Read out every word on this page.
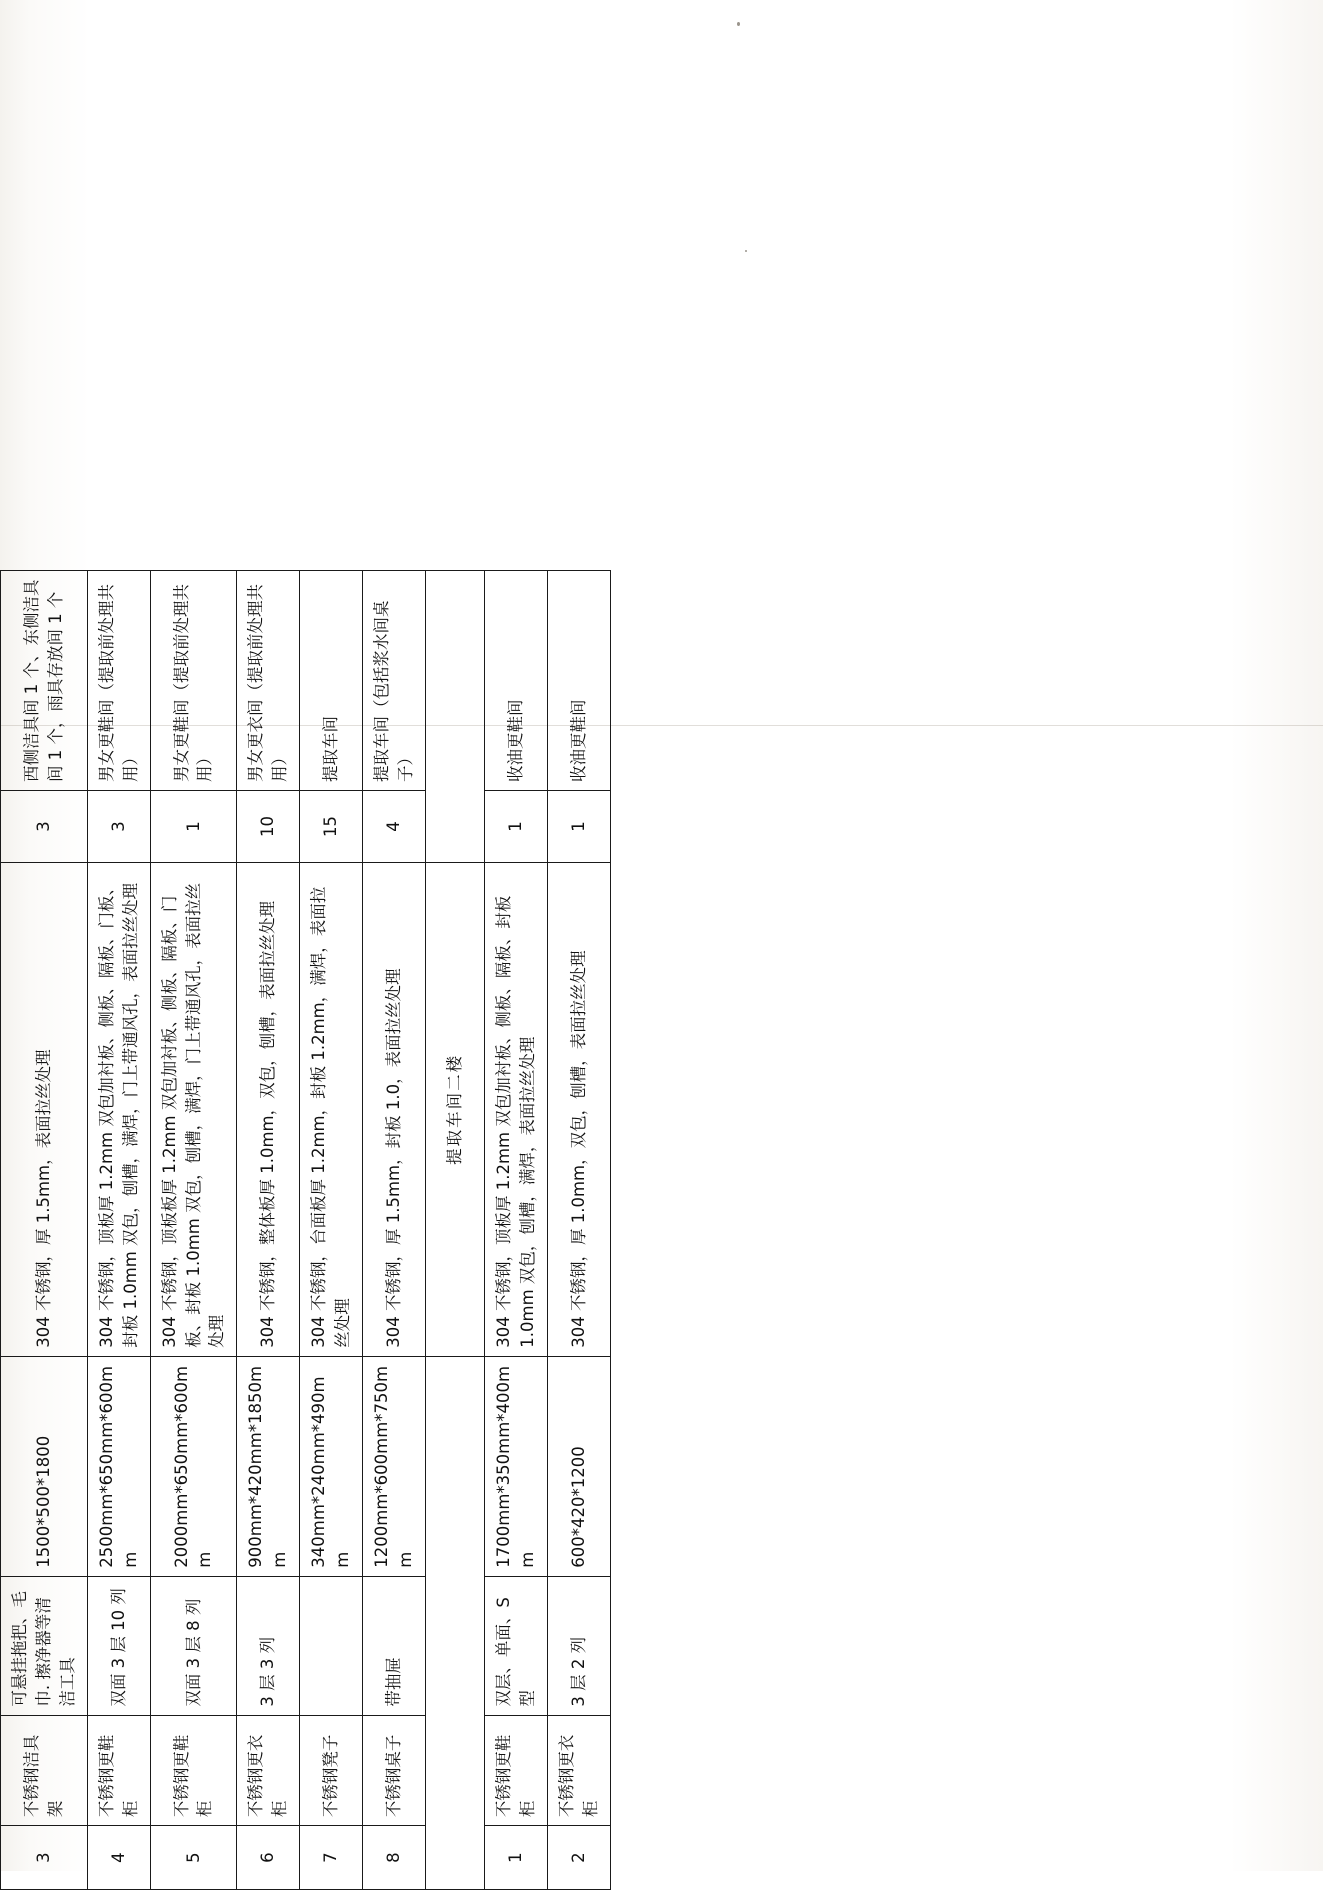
3	不锈钢洁具架	可悬挂拖把、毛巾. 擦净器等清洁工具	1500*500*1800	304 不锈钢，厚 1.5mm，表面拉丝处理	3	西侧洁具间 1 个、东侧洁具间 1 个，雨具存放间 1 个
4	不锈钢更鞋柜	双面 3 层 10 列	2500mm*650mm*600mm	304 不锈钢，顶板厚 1.2mm 双包加衬板、侧板、隔板、门板、封板 1.0mm 双包，刨槽，满焊，门上带通风孔，表面拉丝处理	3	男女更鞋间（提取前处理共用）
5	不锈钢更鞋柜	双面 3 层 8 列	2000mm*650mm*600mm	304 不锈钢，顶板板厚 1.2mm 双包加衬板、侧板、隔板、门板、封板 1.0mm 双包，刨槽，满焊，门上带通风孔，表面拉丝处理	1	男女更鞋间（提取前处理共用）
6	不锈钢更衣柜	3 层 3 列	900mm*420mm*1850mm	304 不锈钢，整体板厚 1.0mm，双包，刨槽，表面拉丝处理	10	男女更衣间（提取前处理共用）
7	不锈钢凳子		340mm*240mm*490mm	304 不锈钢，台面板厚 1.2mm，封板 1.2mm，满焊，表面拉丝处理	15	提取车间
8	不锈钢桌子	带抽屉	1200mm*600mm*750mm	304 不锈钢，厚 1.5mm，封板 1.0，表面拉丝处理	4	提取车间（包括浆水间桌子）
				提取车间二楼		
1	不锈钢更鞋柜	双层、单面、S 型	1700mm*350mm*400mm	304 不锈钢，顶板厚 1.2mm 双包加衬板、侧板、隔板、封板 1.0mm 双包，刨槽，满焊，表面拉丝处理	1	收油更鞋间
2	不锈钢更衣柜	3 层 2 列	600*420*1200	304 不锈钢，厚 1.0mm，双包，刨槽，表面拉丝处理	1	收油更鞋间
